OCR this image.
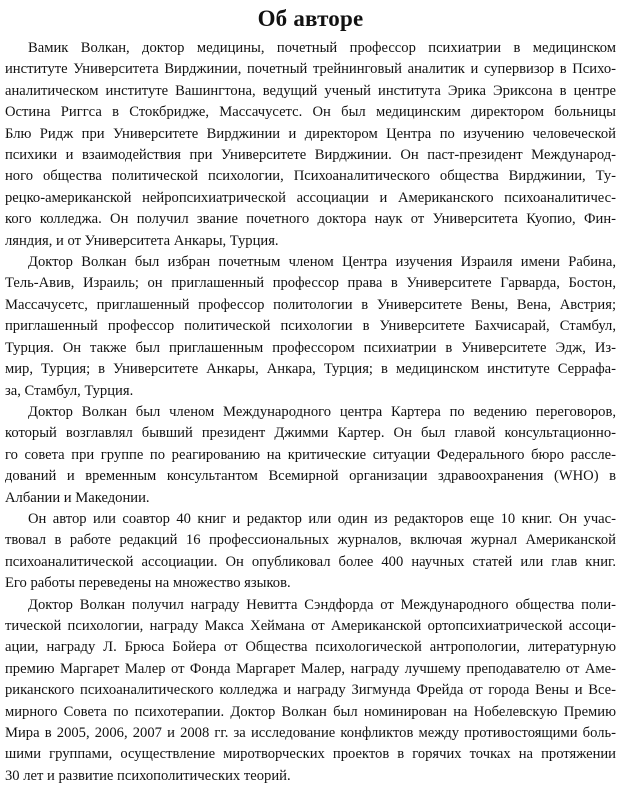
Об авторе

Вамик Волкан, доктор медицины, почетный профессор психиатрии в медицинском
институте Университета Вирджинии, почетный трейнинговый аналитик и супервизор в Психо-
аналитическом институте Вашингтона, ведущий ученый института Эрика Эриксона в центре
Остина Риггса в Стокбридже, Массачусетс. Он был медицинским директором больницы
Блю Ридж при Университете Вирджинии и директором Центра по изучению человеческой
психики и взаимодействия при Университете Вирджинии. Он паст-президент Международ-
ного общества политической психологии, Психоаналитического общества Вирджинии, Ту-
рецко-американской нейропсихиатрической ассоциации и Американского психоаналитичес-
кого колледжа. Он получил звание почетного доктора наук от Университета Куопио, Фин-
ляндия, и от Университета Анкары, Турция.

Доктор Волкан был избран почетным членом Центра изучения Израиля имени Рабина,
Тель-Авив, Израиль; он приглашенный профессор права в Университете Гарварда, Бостон,
Массачусетс, приглашенный профессор политологии в Университете Вены, Вена, Австрия;
приглашенный профессор политической психологии в Университете Бахчисарай, Стамбул,
Турция. Он также был приглашенным профессором психиатрии в Университете Эдж, Из-
мир, Турция; в Университете Анкары, Анкара, Турция; в медицинском институте Серрафа-
за, Стамбул, Турция.

Доктор Волкан был членом Международного центра Картера по ведению переговоров,
который возглавлял бывший президент Джимми Картер. Он был главой консультационно-
го совета при группе по реагированию на критические ситуации Федерального бюро рассле-
дований и временным консультантом Всемирной организации здравоохранения (WHO) в
Албании и Македонии.

Он автор или соавтор 40 книг и редактор или один из редакторов еще 10 книг. Он учас-
твовал в работе редакций 16 профессиональных журналов, включая журнал Американской
психоаналитической ассоциации. Он опубликовал более 400 научных статей или глав книг.
Его работы переведены на множество языков.

Доктор Волкан получил награду Невитта Сэндфорда от Международного общества поли-
тической психологии, награду Макса Хеймана от Американской ортопсихиатрической ассоци-
ации, награду Л. Брюса Бойера от Общества психологической антропологии, литературную
премию Маргарет Малер от Фонда Маргарет Малер, награду лучшему преподавателю от Аме-
риканского психоаналитического колледжа и награду Зигмунда Фрейда от города Вены и Все-
мирного Совета по психотерапии. Доктор Волкан был номинирован на Нобелевскую Премию
Мира в 2005, 2006, 2007 и 2008 гг. за исследование конфликтов между противостоящими боль-
шими группами, осуществление миротворческих проектов в горячих точках на протяжении
30 лет и развитие психополитических теорий.
